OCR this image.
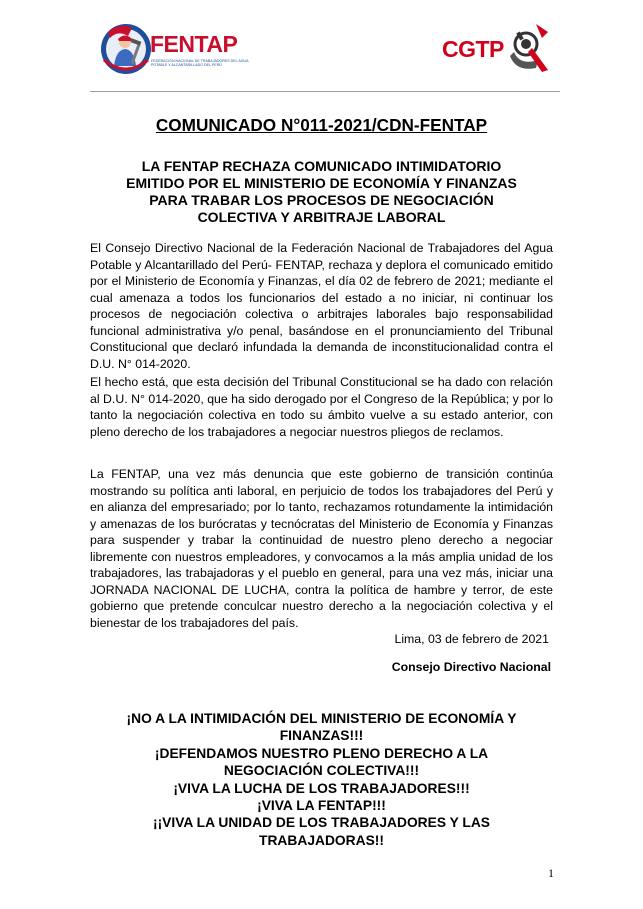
FENTAP
FEDERACIÓN NACIONAL DE TRABAJADORES DEL AGUA POTABLE Y ALCANTARILLADO DEL PERÚ
CGTP
COMUNICADO N°011-2021/CDN-FENTAP
LA FENTAP RECHAZA COMUNICADO INTIMIDATORIO
EMITIDO POR EL MINISTERIO DE ECONOMÍA Y FINANZAS
PARA TRABAR LOS PROCESOS DE NEGOCIACIÓN
COLECTIVA Y ARBITRAJE LABORAL

El Consejo Directivo Nacional de la Federación Nacional de Trabajadores del Agua Potable y Alcantarillado del Perú- FENTAP, rechaza y deplora el comunicado emitido por el Ministerio de Economía y Finanzas, el día 02 de febrero de 2021; mediante el cual amenaza a todos los funcionarios del estado a no iniciar, ni continuar los procesos de negociación colectiva o arbitrajes laborales bajo responsabilidad funcional administrativa y/o penal, basándose en el pronunciamiento del Tribunal Constitucional que declaró infundada la demanda de inconstitucionalidad contra el D.U. N° 014-2020.

El hecho está, que esta decisión del Tribunal Constitucional se ha dado con relación al D.U. N° 014-2020, que ha sido derogado por el Congreso de la República; y por lo tanto la negociación colectiva en todo su ámbito vuelve a su estado anterior, con pleno derecho de los trabajadores a negociar nuestros pliegos de reclamos.

La FENTAP, una vez más denuncia que este gobierno de transición continúa mostrando su política anti laboral, en perjuicio de todos los trabajadores del Perú y en alianza del empresariado; por lo tanto, rechazamos rotundamente la intimidación y amenazas de los burócratas y tecnócratas del Ministerio de Economía y Finanzas para suspender y trabar la continuidad de nuestro pleno derecho a negociar libremente con nuestros empleadores, y convocamos a la más amplia unidad de los trabajadores, las trabajadoras y el pueblo en general, para una vez más, iniciar una JORNADA NACIONAL DE LUCHA, contra la política de hambre y terror, de este gobierno que pretende conculcar nuestro derecho a la negociación colectiva y el bienestar de los trabajadores del país.

Lima, 03 de febrero de 2021
Consejo Directivo Nacional
¡NO A LA INTIMIDACIÓN DEL MINISTERIO DE ECONOMÍA Y
FINANZAS!!!
¡DEFENDAMOS NUESTRO PLENO DERECHO A LA
NEGOCIACIÓN COLECTIVA!!!
¡VIVA LA LUCHA DE LOS TRABAJADORES!!!
¡VIVA LA FENTAP!!!
¡¡VIVA LA UNIDAD DE LOS TRABAJADORES Y LAS
TRABAJADORAS!!
1
